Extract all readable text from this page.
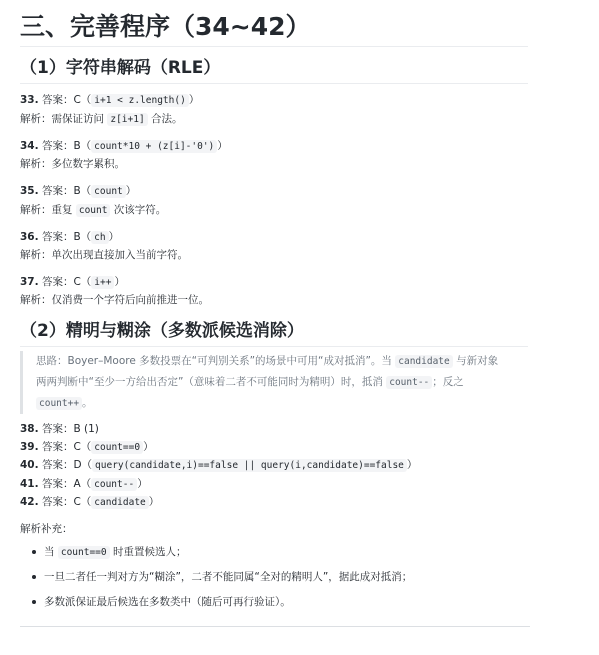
三、完善程序（34~42）
（1）字符串解码（RLE）
33. 答案：C（ i+1 < z.length() ）
解析：需保证访问 z[i+1] 合法。
34. 答案：B（ count*10 + (z[i]-'0') ）
解析：多位数字累积。
35. 答案：B（ count ）
解析：重复 count 次该字符。
36. 答案：B（ ch ）
解析：单次出现直接加入当前字符。
37. 答案：C（ i++ ）
解析：仅消费一个字符后向前推进一位。
（2）精明与糊涂（多数派候选消除）
思路：Boyer–Moore 多数投票在“可判别关系”的场景中可用“成对抵消”。当 candidate 与新对象
两两判断中“至少一方给出否定”（意味着二者不可能同时为精明）时，抵消 count-- ；反之
count++ 。
38. 答案：B (1)
39. 答案：C（ count==0 ）
40. 答案：D（ query(candidate,i)==false || query(i,candidate)==false ）
41. 答案：A（ count-- ）
42. 答案：C（ candidate ）
解析补充：
当 count==0 时重置候选人；
一旦二者任一判对方为“糊涂”，二者不能同属“全对的精明人”，据此成对抵消；
多数派保证最后候选在多数类中（随后可再行验证）。
